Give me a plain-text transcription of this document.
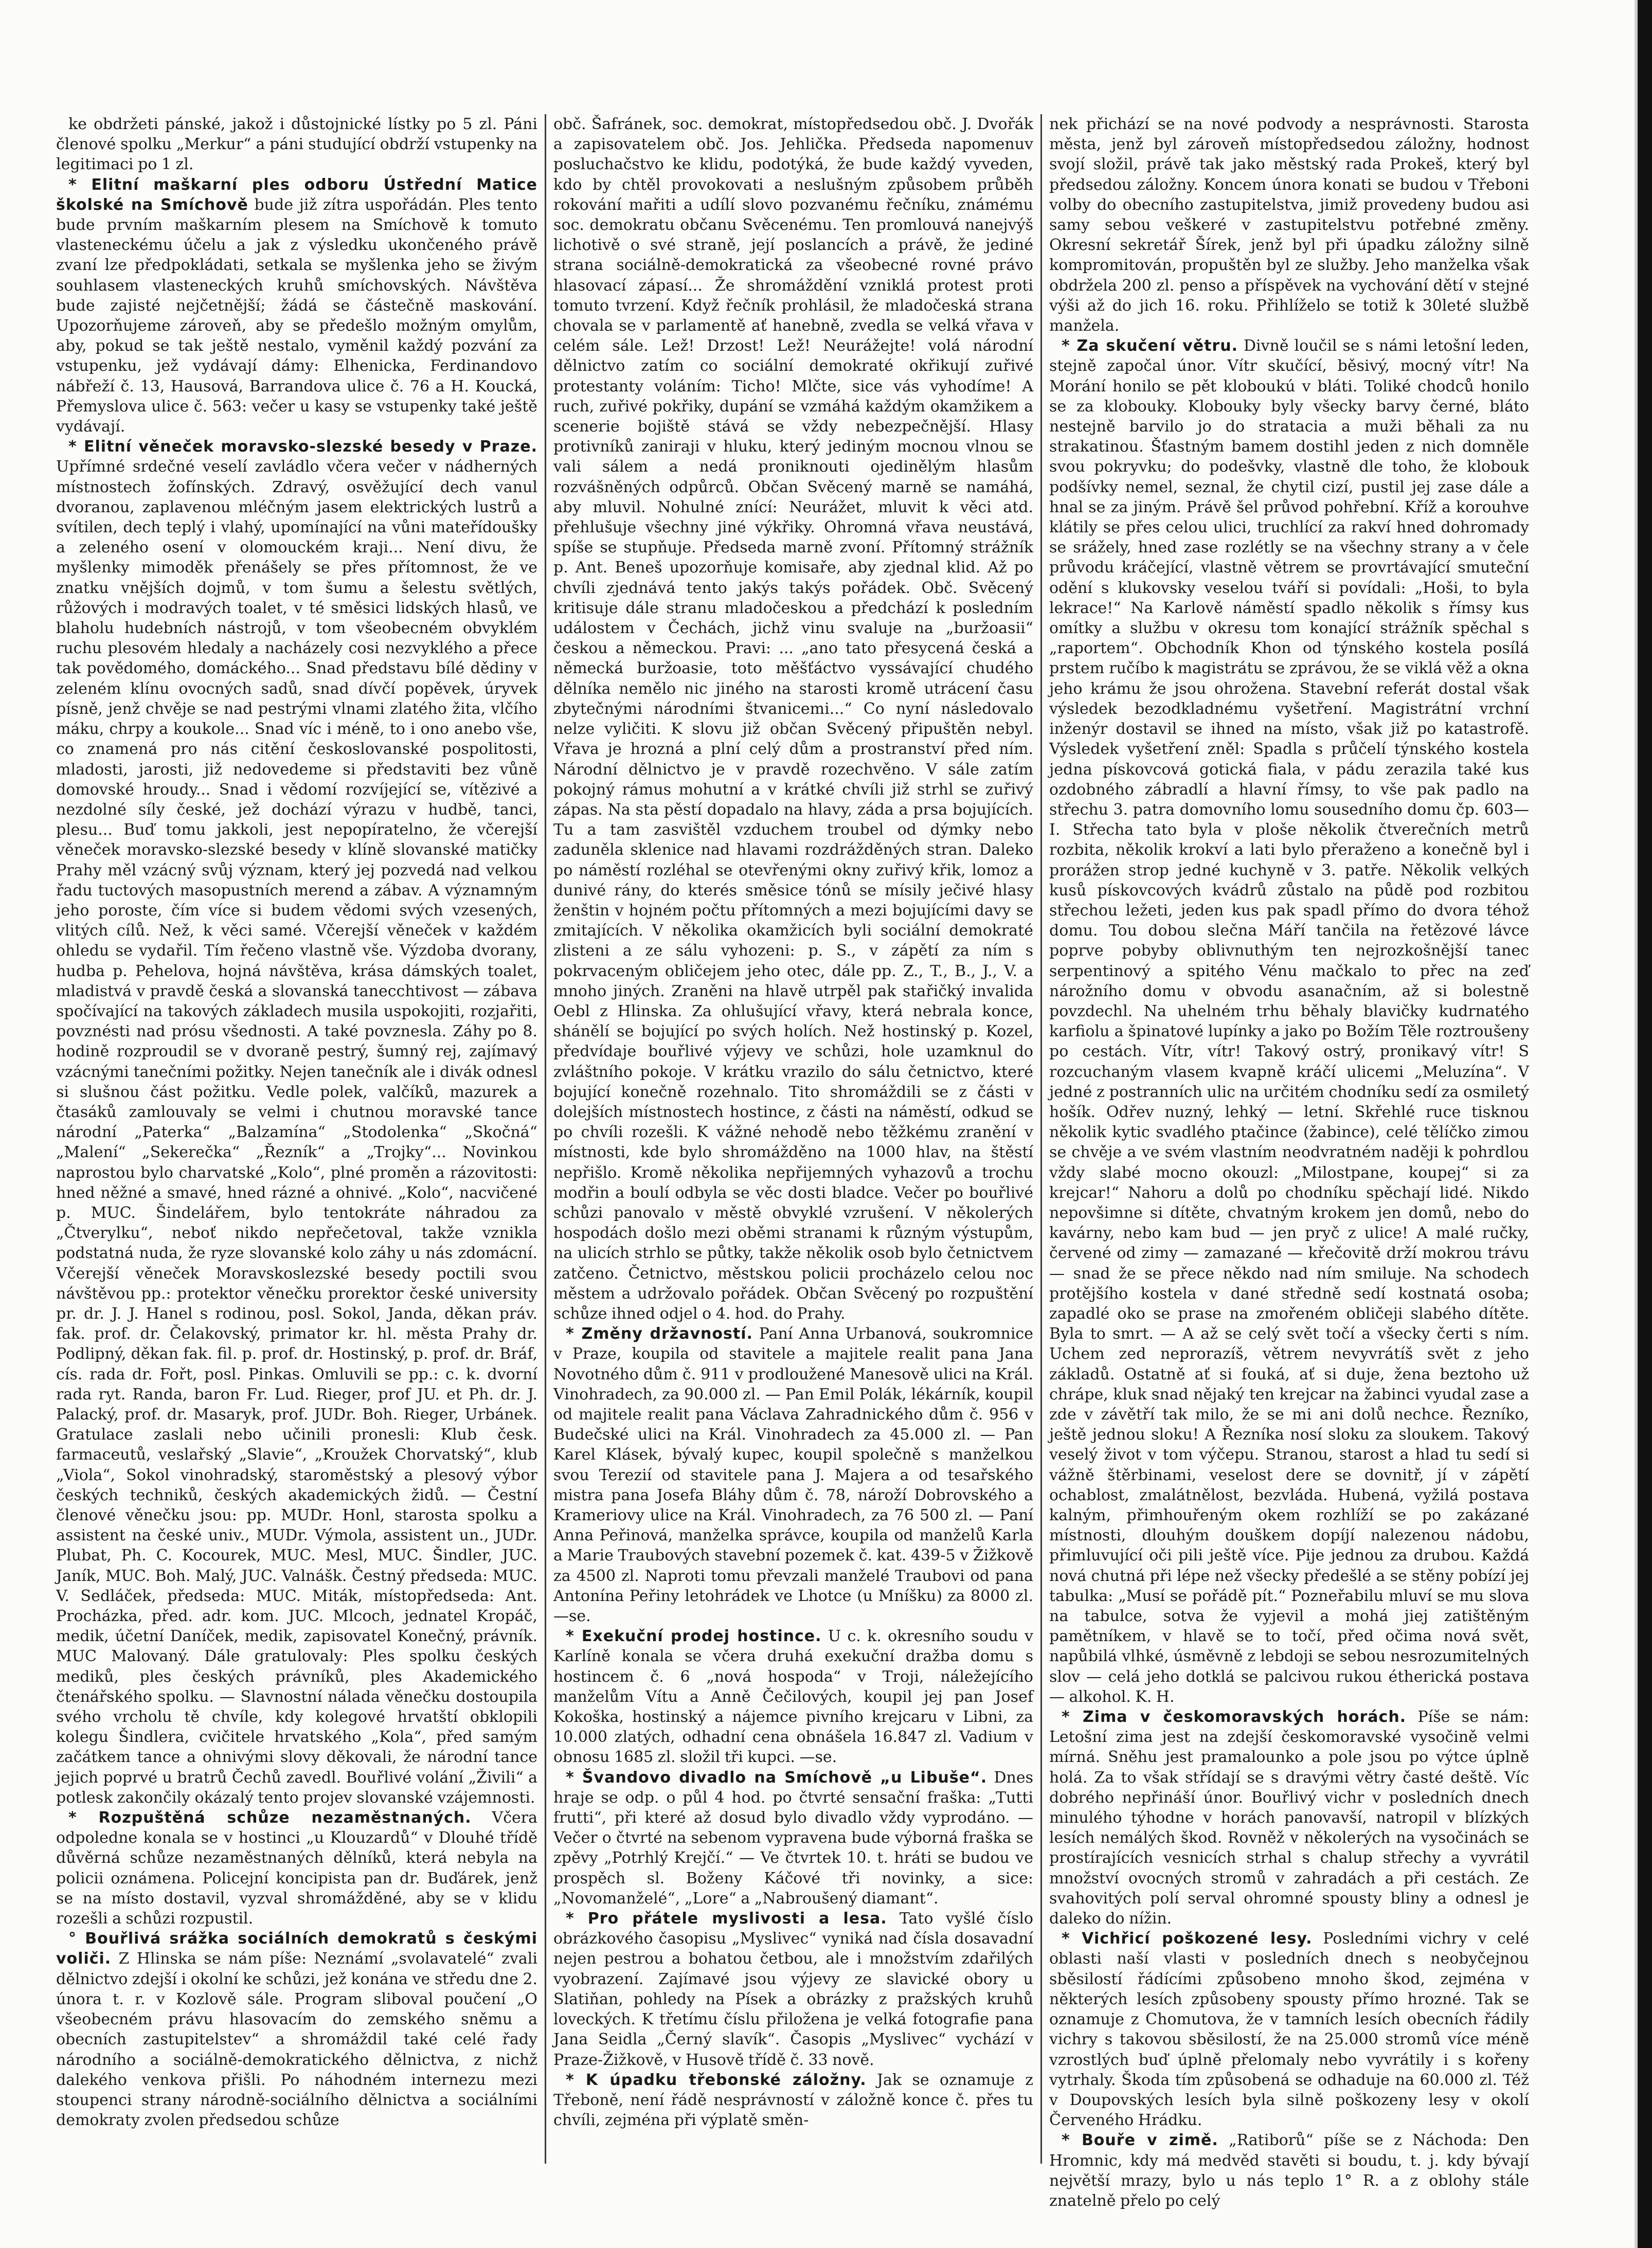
ke obdržeti pánské, jakož i důstojnické lístky po 5 zl. Páni členové spolku „Merkur“ a páni studující obdrží vstupenky na legitimaci po 1 zl.

* Elitní maškarní ples odboru Ústřední Matice školské na Smíchově bude již zítra uspořádán. Ples tento bude prvním maškarním plesem na Smíchově k tomuto vlasteneckému účelu a jak z výsledku ukončeného právě zvaní lze předpokládati, setkala se myšlenka jeho se živým souhlasem vlasteneckých kruhů smíchovských. Návštěva bude zajisté nejčetnější; žádá se částečně maskování. Upozorňujeme zároveň, aby se předešlo možným omylům, aby, pokud se tak ještě nestalo, vyměnil každý pozvání za vstupenku, jež vydávají dámy: Elhenicka, Ferdinandovo nábřeží č. 13, Hausová, Barrandova ulice č. 76 a H. Koucká, Přemyslova ulice č. 563: večer u kasy se vstupenky také ještě vydávají.

* Elitní věneček moravsko-slezské besedy v Praze. Upřímné srdečné veselí zavládlo včera večer v nádherných místnostech žofínských. Zdravý, osvěžující dech vanul dvoranou, zaplavenou mléčným jasem elektrických lustrů a svítilen, dech teplý i vlahý, upomínající na vůni mateřídoušky a zeleného osení v olomouckém kraji... Není divu, že myšlenky mimoděk přenášely se přes přítomnost, že ve znatku vnějších dojmů, v tom šumu a šelestu světlých, růžových i modravých toalet, v té směsici lidských hlasů, ve blaholu hudebních nástrojů, v tom všeobecném obvyklém ruchu plesovém hledaly a nacházely cosi nezvyklého a přece tak povědomého, domáckého... Snad představu bílé dědiny v zeleném klínu ovocných sadů, snad dívčí popěvek, úryvek písně, jenž chvěje se nad pestrými vlnami zlatého žita, vlčího máku, chrpy a koukole... Snad víc i méně, to i ono anebo vše, co znamená pro nás citění českoslovanské pospolitosti, mladosti, jarosti, již nedovedeme si představiti bez vůně domovské hroudy... Snad i vědomí rozvíjející se, vítězivé a nezdolné síly české, jež dochází výrazu v hudbě, tanci, plesu... Buď tomu jakkoli, jest nepopíratelno, že včerejší věneček moravsko-slezské besedy v klíně slovanské matičky Prahy měl vzácný svůj význam, který jej pozvedá nad velkou řadu tuctových masopustních merend a zábav. A významným jeho poroste, čím více si budem vědomi svých vzesených, vlitých cílů. Než, k věci samé. Včerejší věneček v každém ohledu se vydařil. Tím řečeno vlastně vše. Výzdoba dvorany, hudba p. Pehelova, hojná návštěva, krása dámských toalet, mladistvá v pravdě česká a slovanská tanecchtivost — zábava spočívající na takových základech musila uspokojiti, rozjařiti, povznésti nad prósu všednosti. A také povznesla. Záhy po 8. hodině rozproudil se v dvoraně pestrý, šumný rej, zajímavý vzácnými tanečními požitky. Nejen tanečník ale i divák odnesl si slušnou část požitku. Vedle polek, valčíků, mazurek a čtasáků zamlouvaly se velmi i chutnou moravské tance národní „Paterka“ „Balzamína“ „Stodolenka“ „Skočná“ „Malení“ „Sekerečka“ „Řezník“ a „Trojky“... Novinkou naprostou bylo charvatské „Kolo“, plné proměn a rázovitosti: hned něžné a smavé, hned rázné a ohnivé. „Kolo“, nacvičené p. MUC. Šindelářem, bylo tentokráte náhradou za „Čtverylku“, neboť nikdo nepřečetoval, takže vznikla podstatná nuda, že ryze slovanské kolo záhy u nás zdomácní. Včerejší věneček Moravskoslezské besedy poctili svou návštěvou pp.: protektor věnečku prorektor české university pr. dr. J. J. Hanel s rodinou, posl. Sokol, Janda, děkan práv. fak. prof. dr. Čelakovský, primator kr. hl. města Prahy dr. Podlipný, děkan fak. fil. p. prof. dr. Hostinský, p. prof. dr. Bráf, cís. rada dr. Fořt, posl. Pinkas. Omluvili se pp.: c. k. dvorní rada ryt. Randa, baron Fr. Lud. Rieger, prof JU. et Ph. dr. J. Palacký, prof. dr. Masaryk, prof. JUDr. Boh. Rieger, Urbánek. Gratulace zaslali nebo učinili pronesli: Klub česk. farmaceutů, veslařský „Slavie“, „Kroužek Chorvatský“, klub „Viola“, Sokol vinohradský, staroměstský a plesový výbor českých techniků, českých akademických židů. — Čestní členové věnečku jsou: pp. MUDr. Honl, starosta spolku a assistent na české univ., MUDr. Výmola, assistent un., JUDr. Plubat, Ph. C. Kocourek, MUC. Mesl, MUC. Šindler, JUC. Janík, MUC. Boh. Malý, JUC. Valnášk. Čestný předseda: MUC. V. Sedláček, předseda: MUC. Miták, místopředseda: Ant. Procházka, před. adr. kom. JUC. Mlcoch, jednatel Kropáč, medik, účetní Daníček, medik, zapisovatel Konečný, právník. MUC Malovaný. Dále gratulovaly: Ples spolku českých mediků, ples českých právníků, ples Akademického čtenářského spolku. — Slavnostní nálada věnečku dostoupila svého vrcholu tě chvíle, kdy kolegové hrvatští obklopili kolegu Šindlera, cvičitele hrvatského „Kola“, před samým začátkem tance a ohnivými slovy děkovali, že národní tance jejich poprvé u bratrů Čechů zavedl. Bouřlivé volání „Živili“ a potlesk zakončily okázalý tento projev slovanské vzájemnosti.

* Rozpuštěná schůze nezaměstnaných. Včera odpoledne konala se v hostinci „u Klouzardů“ v Dlouhé třídě důvěrná schůze nezaměstnaných dělníků, která nebyla na policii oznámena. Policejní koncipista pan dr. Buďárek, jenž se na místo dostavil, vyzval shromážděné, aby se v klidu rozešli a schůzi rozpustil.

° Bouřlivá srážka sociálních demokratů s českými voliči. Z Hlinska se nám píše: Neznámí „svolavatelé“ zvali dělnictvo zdejší i okolní ke schůzi, jež konána ve středu dne 2. února t. r. v Kozlově sále. Program sliboval poučení „O všeobecném právu hlasovacím do zemského sněmu a obecních zastupitelstev“ a shromáždil také celé řady národního a sociálně-demokratického dělnictva, z nichž dalekého venkova přišli. Po náhodném internezu mezi stoupenci strany národně-sociálního dělnictva a sociálními demokraty zvolen předsedou schůze

obč. Šafránek, soc. demokrat, místopředsedou obč. J. Dvořák a zapisovatelem obč. Jos. Jehlička. Předseda napomenuv posluchačstvo ke klidu, podotýká, že bude každý vyveden, kdo by chtěl provokovati a neslušným způsobem průběh rokování mařiti a udílí slovo pozvanému řečníku, známému soc. demokratu občanu Svěcenému. Ten promlouvá nanejvýš lichotivě o své straně, její poslancích a právě, že jediné strana sociálně-demokratická za všeobecné rovné právo hlasovací zápasí... Že shromáždění vzniklá protest proti tomuto tvrzení. Když řečník prohlásil, že mladočeská strana chovala se v parlamentě ať hanebně, zvedla se velká vřava v celém sále. Lež! Drzost! Lež! Neurážejte! volá národní dělnictvo zatím co sociální demokraté okřikují zuřivé protestanty voláním: Ticho! Mlčte, sice vás vyhodíme! A ruch, zuřivé pokřiky, dupání se vzmáhá každým okamžikem a scenerie bojiště stává se vždy nebezpečnější. Hlasy protivníků zaniraji v hluku, který jediným mocnou vlnou se vali sálem a nedá proniknouti ojedinělým hlasům rozvášněných odpůrců. Občan Svěcený marně se namáhá, aby mluvil. Nohulné znící: Neurážet, mluvit k věci atd. přehlušuje všechny jiné výkřiky. Ohromná vřava neustává, spíše se stupňuje. Předseda marně zvoní. Přítomný strážník p. Ant. Beneš upozorňuje komisaře, aby zjednal klid. Až po chvíli zjednává tento jakýs takýs pořádek. Obč. Svěcený kritisuje dále stranu mladočeskou a předchází k posledním událostem v Čechách, jichž vinu svaluje na „buržoasii“ českou a německou. Pravi: ... „ano tato přesycená česká a německá buržoasie, toto měšťáctvo vyssávající chudého dělníka nemělo nic jiného na starosti kromě utrácení času zbytečnými národními štvanicemi...“ Co nyní následovalo nelze vyličiti. K slovu již občan Svěcený připuštěn nebyl. Vřava je hrozná a plní celý dům a prostranství před ním. Národní dělnictvo je v pravdě rozechvěno. V sále zatím pokojný rámus mohutní a v krátké chvíli již strhl se zuřivý zápas. Na sta pěstí dopadalo na hlavy, záda a prsa bojujících. Tu a tam zasvištěl vzduchem troubel od dýmky nebo zaduněla sklenice nad hlavami rozdrážděných stran. Daleko po náměstí rozléhal se otevřenými okny zuřivý křik, lomoz a dunivé rány, do kterés směsice tónů se mísily ječivé hlasy ženštin v hojném počtu přítomných a mezi bojujícími davy se zmitajících. V několika okamžicích byli sociální demokraté zlisteni a ze sálu vyhozeni: p. S., v zápětí za ním s pokrvaceným obličejem jeho otec, dále pp. Z., T., B., J., V. a mnoho jiných. Zraněni na hlavě utrpěl pak stařičký invalida Oebl z Hlinska. Za ohlušující vřavy, která nebrala konce, shánělí se bojující po svých holích. Než hostinský p. Kozel, předvídaje bouřlivé výjevy ve schůzi, hole uzamknul do zvláštního pokoje. V krátku vrazilo do sálu četnictvo, které bojující konečně rozehnalo. Tito shromáždili se z části v dolejších místnostech hostince, z části na náměstí, odkud se po chvíli rozešli. K vážné nehodě nebo těžkému zranění v místnosti, kde bylo shromážděno na 1000 hlav, na štěstí nepřišlo. Kromě několika nepřijemných vyhazovů a trochu modřin a boulí odbyla se věc dosti bladce. Večer po bouřlivé schůzi panovalo v městě obvyklé vzrušení. V několerých hospodách došlo mezi oběmi stranami k různým výstupům, na ulicích strhlo se půtky, takže několik osob bylo četnictvem zatčeno. Četnictvo, městskou policii procházelo celou noc městem a udržovalo pořádek. Občan Svěcený po rozpuštění schůze ihned odjel o 4. hod. do Prahy.

* Změny državností. Paní Anna Urbanová, soukromnice v Praze, koupila od stavitele a majitele realit pana Jana Novotného dům č. 911 v prodloužené Manesově ulici na Král. Vinohradech, za 90.000 zl. — Pan Emil Polák, lékárník, koupil od majitele realit pana Václava Zahradnického dům č. 956 v Budečské ulici na Král. Vinohradech za 45.000 zl. — Pan Karel Klásek, bývalý kupec, koupil společně s manželkou svou Terezií od stavitele pana J. Majera a od tesařského mistra pana Josefa Bláhy dům č. 78, nároží Dobrovského a Krameriovy ulice na Král. Vinohradech, za 76 500 zl. — Paní Anna Peřinová, manželka správce, koupila od manželů Karla a Marie Traubových stavební pozemek č. kat. 439-5 v Žižkově za 4500 zl. Naproti tomu převzali manželé Traubovi od pana Antonína Peřiny letohrádek ve Lhotce (u Mníšku) za 8000 zl. —se.

* Exekuční prodej hostince. U c. k. okresního soudu v Karlíně konala se včera druhá exekuční dražba domu s hostincem č. 6 „nová hospoda“ v Troji, náležejícího manželům Vítu a Anně Čečilových, koupil jej pan Josef Kokoška, hostinský a nájemce pivního krejcaru v Libni, za 10.000 zlatých, odhadní cena obnášela 16.847 zl. Vadium v obnosu 1685 zl. složil tři kupci. —se.

* Švandovo divadlo na Smíchově „u Libuše“. Dnes hraje se odp. o půl 4 hod. po čtvrté sensační fraška: „Tutti frutti“, při které až dosud bylo divadlo vždy vyprodáno. — Večer o čtvrté na sebenom vypravena bude výborná fraška se zpěvy „Potrhlý Krejčí.“ — Ve čtvrtek 10. t. hráti se budou ve prospěch sl. Boženy Káčové tři novinky, a sice: „Novomanželé“, „Lore“ a „Nabroušený diamant“.

* Pro přátele myslivosti a lesa. Tato vyšlé číslo obrázkového časopisu „Myslivec“ vyniká nad čísla dosavadní nejen pestrou a bohatou četbou, ale i množstvím zdařilých vyobrazení. Zajímavé jsou výjevy ze slavické obory u Slatiňan, pohledy na Písek a obrázky z pražských kruhů loveckých. K třetímu číslu přiložena je velká fotografie pana Jana Seidla „Černý slavík“. Časopis „Myslivec“ vychází v Praze-Žižkově, v Husově třídě č. 33 nově.

* K úpadku třebonské záložny. Jak se oznamuje z Třeboně, není řádě nesprávností v záložně konce č. přes tu chvíli, zejména při výplatě směn-

nek přichází se na nové podvody a nesprávnosti. Starosta města, jenž byl zároveň místopředsedou záložny, hodnost svojí složil, právě tak jako městský rada Prokeš, který byl předsedou záložny. Koncem února konati se budou v Třeboni volby do obecního zastupitelstva, jimiž provedeny budou asi samy sebou veškeré v zastupitelstvu potřebné změny. Okresní sekretář Šírek, jenž byl při úpadku záložny silně kompromitován, propuštěn byl ze služby. Jeho manželka však obdržela 200 zl. penso a příspěvek na vychování dětí v stejné výši až do jich 16. roku. Přihlíželo se totiž k 30leté službě manžela.

* Za skučení větru. Divně loučil se s námi letošní leden, stejně započal únor. Vítr skučící, běsivý, mocný vítr! Na Morání honilo se pět kloboukú v bláti. Toliké chodců honilo se za klobouky. Klobouky byly všecky barvy černé, bláto nestejně barvilo jo do stratacia a muži běhali za nu strakatinou. Šťastným bamem dostihl jeden z nich domněle svou pokryvku; do podešvky, vlastně dle toho, že klobouk podšívky nemel, seznal, že chytil cizí, pustil jej zase dále a hnal se za jiným. Právě šel průvod pohřební. Kříž a korouhve klátily se přes celou ulici, truchlící za rakví hned dohromady se srážely, hned zase rozlétly se na všechny strany a v čele průvodu kráčející, vlastně větrem se provrtávající smuteční odění s klukovsky veselou tváří si povídali: „Hoši, to byla lekrace!“ Na Karlově náměstí spadlo několik s římsy kus omítky a službu v okresu tom konající strážník spěchal s „raportem“. Obchodník Khon od týnského kostela posílá prstem ručíbo k magistrátu se zprávou, že se viklá věž a okna jeho krámu že jsou ohrožena. Stavební referát dostal však výsledek bezodkladnému vyšetření. Magistrátní vrchní inženýr dostavil se ihned na místo, však již po katastrofě. Výsledek vyšetření zněl: Spadla s průčelí týnského kostela jedna pískovcová gotická fiala, v pádu zerazila také kus ozdobného zábradlí a hlavní římsy, to vše pak padlo na střechu 3. patra domovního lomu sousedního domu čp. 603—I. Střecha tato byla v ploše několik čtverečních metrů rozbita, několik krokví a lati bylo přeraženo a konečně byl i prorážen strop jedné kuchyně v 3. patře. Několik velkých kusů pískovcových kvádrů zůstalo na půdě pod rozbitou střechou ležeti, jeden kus pak spadl přímo do dvora téhož domu. Tou dobou slečna Máří tančila na řetězové lávce poprve pobyby oblivnuthým ten nejrozkošnější tanec serpentinový a spitého Vénu mačkalo to přec na zeď nárožního domu v obvodu asanačním, až si bolestně povzdechl. Na uhelném trhu běhaly blavičky kudrnatého karfiolu a špinatové lupínky a jako po Božím Těle roztroušeny po cestách. Vítr, vítr! Takový ostrý, pronikavý vítr! S rozcuchaným vlasem kvapně kráčí ulicemi „Meluzína“. V jedné z postranních ulic na určitém chodníku sedí za osmiletý hošík. Odřev nuzný, lehký — letní. Skřehlé ruce tisknou několik kytic svadlého ptačince (žabince), celé tělíčko zimou se chvěje a ve svém vlastním neodvratném naději k pohrdlou vždy slabé mocno okouzl: „Milostpane, koupej“ si za krejcar!“ Nahoru a dolů po chodníku spěchají lidé. Nikdo nepovšimne si dítěte, chvatným krokem jen domů, nebo do kavárny, nebo kam bud — jen pryč z ulice! A malé ručky, červené od zimy — zamazané — křečovitě drží mokrou trávu — snad že se přece někdo nad ním smiluje. Na schodech protějšího kostela v dané středně sedí kostnatá osoba; zapadlé oko se prase na zmořeném obličeji slabého dítěte. Byla to smrt. — A až se celý svět točí a všecky čerti s ním. Uchem zed neprorazíš, větrem nevyvrátíš svět z jeho základů. Ostatně ať si fouká, ať si duje, žena beztoho už chrápe, kluk snad nějaký ten krejcar na žabinci vyudal zase a zde v závětří tak milo, že se mi ani dolů nechce. Řezníko, ještě jednou sloku! A Řezníka nosí sloku za sloukem. Takový veselý život v tom výčepu. Stranou, starost a hlad tu sedí si vážně štěrbinami, veselost dere se dovnitř, jí v zápětí ochablost, zmalátnělost, bezvláda. Hubená, vyžilá postava kalným, přimhouřeným okem rozhlíží se po zakázané místnosti, dlouhým douškem dopíjí nalezenou nádobu, přimluvující oči pili ještě více. Pije jednou za drubou. Každá nová chutná při lépe než všecky předešlé a se stěny pobízí jej tabulka: „Musí se pořádě pít.“ Pozneřabilu mluví se mu slova na tabulce, sotva že vyjevil a mohá jiej zatištěným pamětníkem, v hlavě se to točí, před očima nová svět, napůbilá vlhké, úsměvně z lebdoji se sebou nesrozumitelných slov — celá jeho dotklá se palcivou rukou étherická postava — alkohol. K. H.

* Zima v českomoravských horách. Píše se nám: Letošní zima jest na zdejší českomoravské vysočině velmi mírná. Sněhu jest pramalounko a pole jsou po výtce úplně holá. Za to však střídají se s dravými větry časté deště. Víc dobrého nepřináší únor. Bouřlivý vichr v posledních dnech minulého týhodne v horách panovavší, natropil v blízkých lesích nemálých škod. Rovněž v několerých na vysočinách se prostírajících vesnicích strhal s chalup střechy a vyvrátil množství ovocných stromů v zahradách a při cestách. Ze svahovitých polí serval ohromné spousty bliny a odnesl je daleko do nížin.

* Vichřicí poškozené lesy. Posledními vichry v celé oblasti naší vlasti v posledních dnech s neobyčejnou sběsilostí řádícími způsobeno mnoho škod, zejména v některých lesích způsobeny spousty přímo hrozné. Tak se oznamuje z Chomutova, že v tamních lesích obecních řádily vichry s takovou sběsilostí, že na 25.000 stromů více méně vzrostlých buď úplně přelomaly nebo vyvrátily i s kořeny vytrhaly. Škoda tím způsobená se odhaduje na 60.000 zl. Též v Doupovských lesích byla silně poškozeny lesy v okolí Červeného Hrádku.

* Bouře v zimě. „Ratiborů“ píše se z Náchoda: Den Hromnic, kdy má medvěd stavěti si boudu, t. j. kdy bývají největší mrazy, bylo u nás teplo 1° R. a z oblohy stále znatelně přelo po celý
